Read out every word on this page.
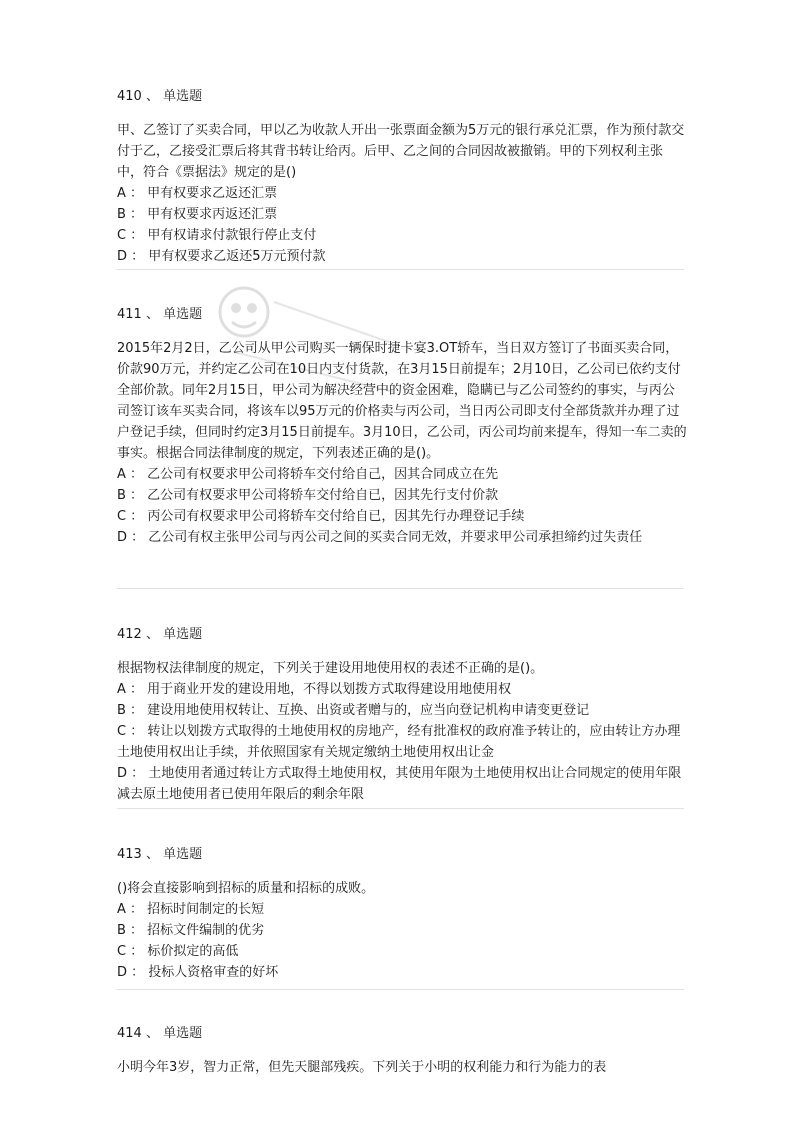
410 、 单选题

甲、乙签订了买卖合同，甲以乙为收款人开出一张票面金额为5万元的银行承兑汇票，作为预付款交付于乙，乙接受汇票后将其背书转让给丙。后甲、乙之间的合同因故被撤销。甲的下列权利主张中，符合《票据法》规定的是()

A ： 甲有权要求乙返还汇票
B ： 甲有权要求丙返还汇票
C ： 甲有权请求付款银行停止支付
D ： 甲有权要求乙返还5万元预付款
411 、 单选题

2015年2月2日，乙公司从甲公司购买一辆保时捷卡宴3.OT轿车，当日双方签订了书面买卖合同，价款90万元，并约定乙公司在10日内支付货款，在3月15日前提车；2月10日，乙公司已依约支付全部价款。同年2月15日，甲公司为解决经营中的资金困难，隐瞒已与乙公司签约的事实，与丙公司签订该车买卖合同，将该车以95万元的价格卖与丙公司，当日丙公司即支付全部货款并办理了过户登记手续，但同时约定3月15日前提车。3月10日，乙公司，丙公司均前来提车，得知一车二卖的事实。根据合同法律制度的规定，下列表述正确的是()。

A ： 乙公司有权要求甲公司将轿车交付给自己，因其合同成立在先
B ： 乙公司有权要求甲公司将轿车交付给自已，因其先行支付价款
C ： 丙公司有权要求甲公司将轿车交付给自已，因其先行办理登记手续
D ： 乙公司有权主张甲公司与丙公司之间的买卖合同无效，并要求甲公司承担缔约过失责任
412 、 单选题

根据物权法律制度的规定，下列关于建设用地使用权的表述不正确的是()。

A ： 用于商业开发的建设用地，不得以划拨方式取得建设用地使用权
B ： 建设用地使用权转让、互换、出资或者赠与的，应当向登记机构申请变更登记
C ： 转让以划拨方式取得的土地使用权的房地产，经有批准权的政府准予转让的，应由转让方办理土地使用权出让手续，并依照国家有关规定缴纳土地使用权出让金
D ： 土地使用者通过转让方式取得土地使用权，其使用年限为土地使用权出让合同规定的使用年限减去原土地使用者已使用年限后的剩余年限
413 、 单选题

()将会直接影响到招标的质量和招标的成败。

A ： 招标时间制定的长短
B ： 招标文件编制的优劣
C ： 标价拟定的高低
D ： 投标人资格审查的好坏
414 、 单选题

小明今年3岁，智力正常，但先天腿部残疾。下列关于小明的权利能力和行为能力的表
